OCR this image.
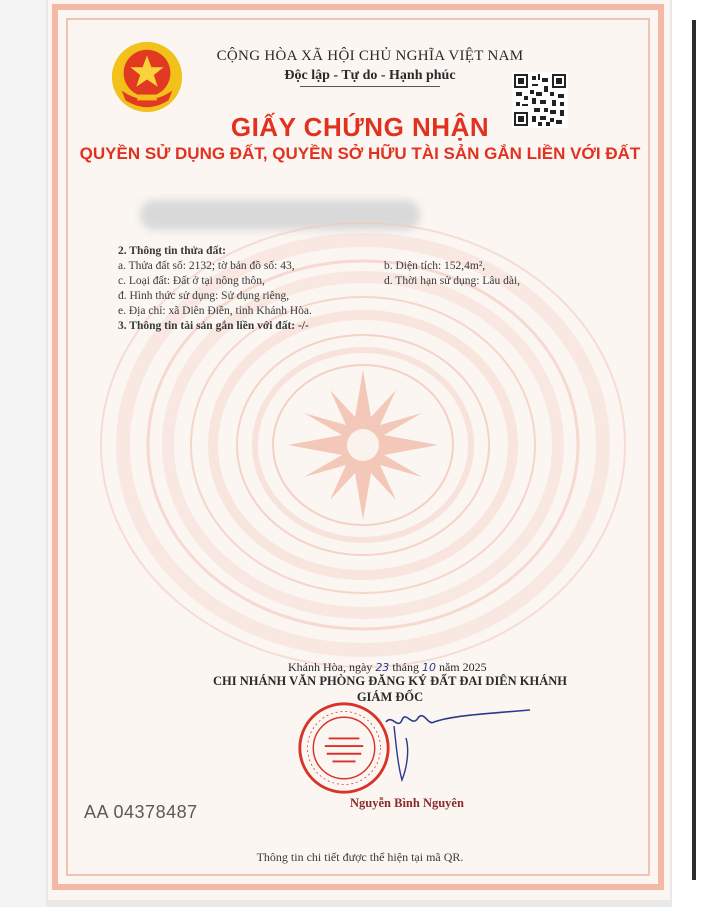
CỘNG HÒA XÃ HỘI CHỦ NGHĨA VIỆT NAM
Độc lập - Tự do - Hạnh phúc
GIẤY CHỨNG NHẬN
QUYỀN SỬ DỤNG ĐẤT, QUYỀN SỞ HỮU TÀI SẢN GẮN LIỀN VỚI ĐẤT
2. Thông tin thửa đất:
a. Thửa đất số: 2132; tờ bản đồ số: 43,	b. Diện tích: 152,4m²,
c. Loại đất: Đất ở tại nông thôn,	d. Thời hạn sử dụng: Lâu dài,
đ. Hình thức sử dụng: Sử dụng riêng,
e. Địa chỉ: xã Diên Điền, tỉnh Khánh Hòa.
3. Thông tin tài sản gắn liền với đất: -/-
Khánh Hòa, ngày 23 tháng 10 năm 2025
CHI NHÁNH VĂN PHÒNG ĐĂNG KÝ ĐẤT ĐAI DIÊN KHÁNH
GIÁM ĐỐC
Nguyễn Bình Nguyên
AA 04378487
Thông tin chi tiết được thể hiện tại mã QR.
